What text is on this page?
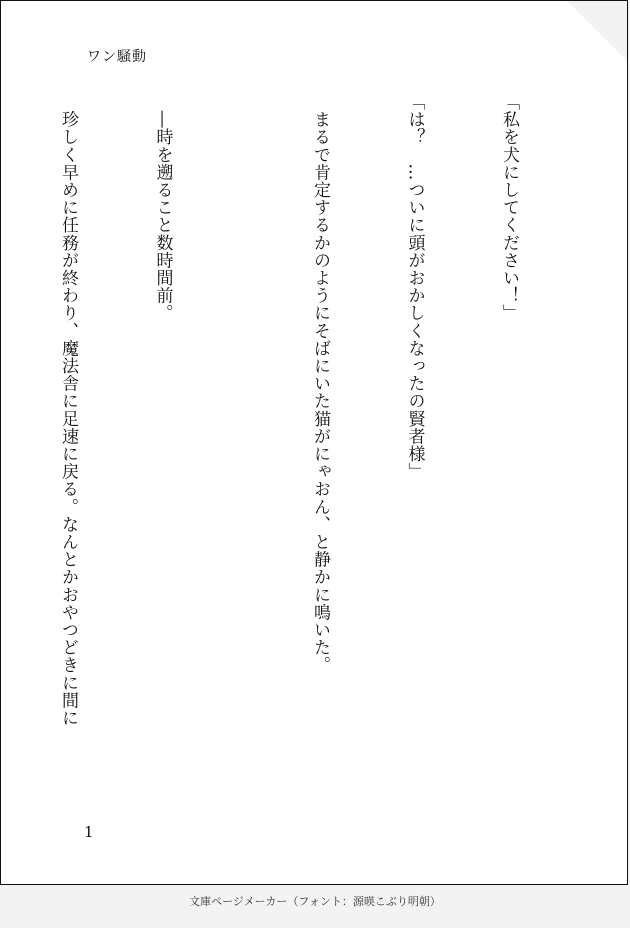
ワン騒動

「私を犬にしてください！」

「は？　…ついに頭がおかしくなったの賢者様」

　まるで肯定するかのようにそばにいた猫がにゃおん、と静かに鳴いた。

　―時を遡ること数時間前。

　珍しく早めに任務が終わり、魔法舎に足速に戻る。なんとかおやつどきに間に

1
文庫ページメーカー（フォント：源暎こぶり明朝）
